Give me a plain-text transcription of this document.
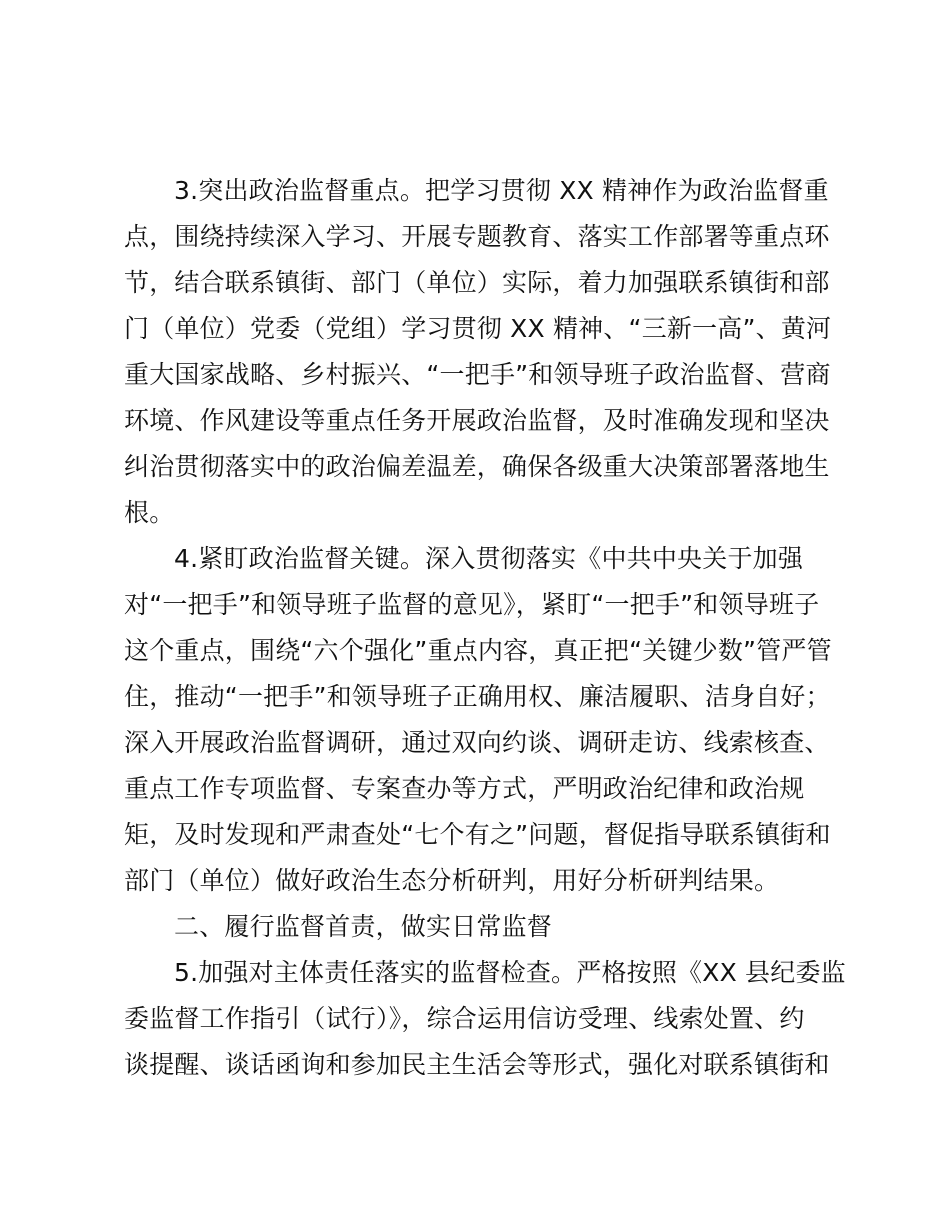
3.突出政治监督重点。把学习贯彻 XX 精神作为政治监督重
点，围绕持续深入学习、开展专题教育、落实工作部署等重点环
节，结合联系镇街、部门（单位）实际，着力加强联系镇街和部
门（单位）党委（党组）学习贯彻 XX 精神、“三新一高”、黄河
重大国家战略、乡村振兴、“一把手”和领导班子政治监督、营商
环境、作风建设等重点任务开展政治监督，及时准确发现和坚决
纠治贯彻落实中的政治偏差温差，确保各级重大决策部署落地生
根。
4.紧盯政治监督关键。深入贯彻落实《中共中央关于加强
对“一把手”和领导班子监督的意见》，紧盯“一把手”和领导班子
这个重点，围绕“六个强化”重点内容，真正把“关键少数”管严管
住，推动“一把手”和领导班子正确用权、廉洁履职、洁身自好；
深入开展政治监督调研，通过双向约谈、调研走访、线索核查、
重点工作专项监督、专案查办等方式，严明政治纪律和政治规
矩，及时发现和严肃查处“七个有之”问题，督促指导联系镇街和
部门（单位）做好政治生态分析研判，用好分析研判结果。
二、履行监督首责，做实日常监督
5.加强对主体责任落实的监督检查。严格按照《XX 县纪委监
委监督工作指引（试行）》，综合运用信访受理、线索处置、约
谈提醒、谈话函询和参加民主生活会等形式，强化对联系镇街和
